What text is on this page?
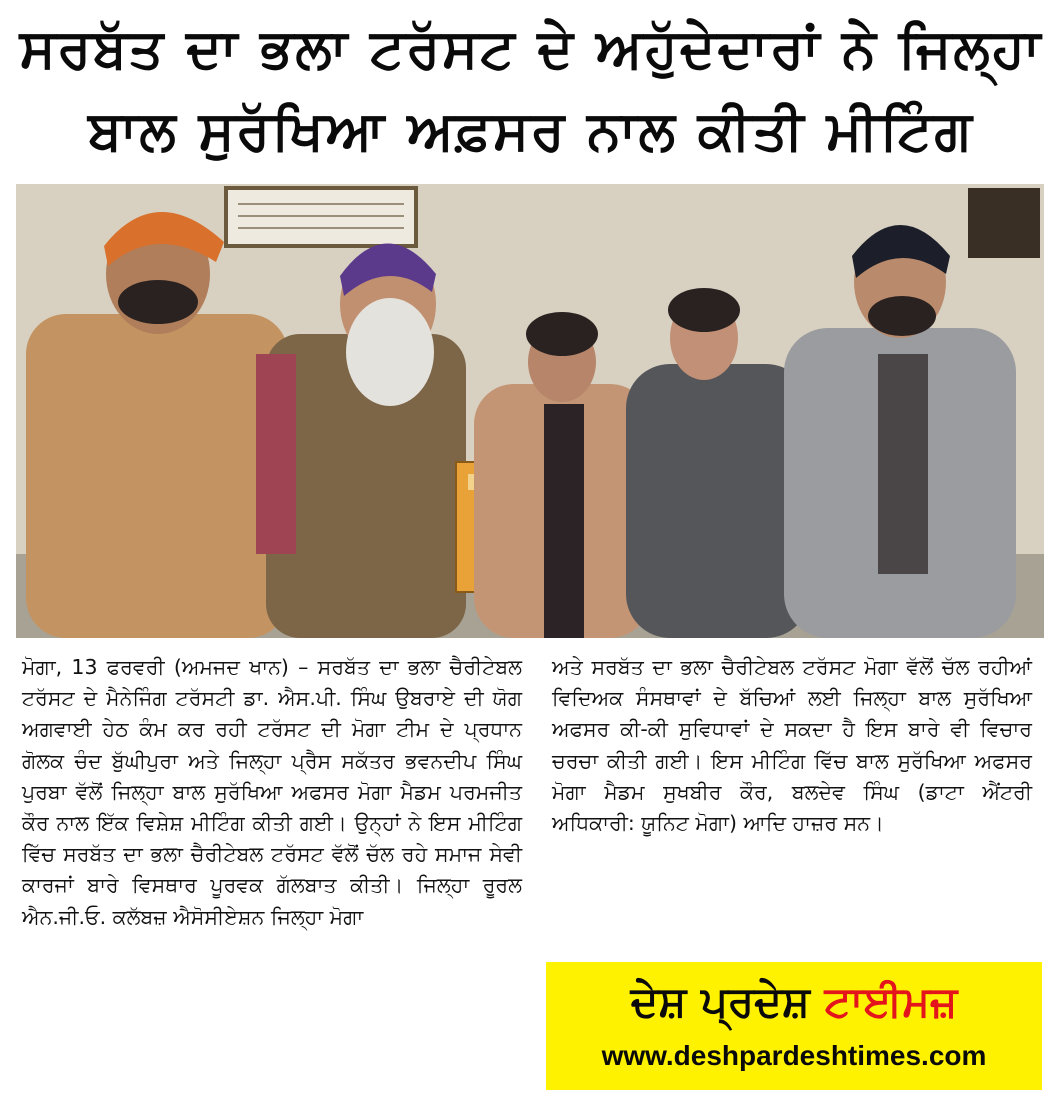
ਸਰਬੱਤ ਦਾ ਭਲਾ ਟਰੱਸਟ ਦੇ ਅਹੁੱਦੇਦਾਰਾਂ ਨੇ ਜਿਲ੍ਹਾ
ਬਾਲ ਸੁਰੱਖਿਆ ਅਫ਼ਸਰ ਨਾਲ ਕੀਤੀ ਮੀਟਿੰਗ

ਮੋਗਾ, 13 ਫਰਵਰੀ (ਅਮਜਦ ਖਾਨ) – ਸਰਬੱਤ ਦਾ ਭਲਾ ਚੈਰੀਟੇਬਲ ਟਰੱਸਟ ਦੇ ਮੈਨੇਜਿੰਗ ਟਰੱਸਟੀ ਡਾ. ਐਸ.ਪੀ. ਸਿੰਘ ਉਬਰਾਏ ਦੀ ਯੋਗ ਅਗਵਾਈ ਹੇਠ ਕੰਮ ਕਰ ਰਹੀ ਟਰੱਸਟ ਦੀ ਮੋਗਾ ਟੀਮ ਦੇ ਪ੍ਰਧਾਨ ਗੋਲਕ ਚੰਦ ਬੁੱਘੀਪੁਰਾ ਅਤੇ ਜਿਲ੍ਹਾ ਪ੍ਰੈਸ ਸਕੱਤਰ ਭਵਨਦੀਪ ਸਿੰਘ ਪੁਰਬਾ ਵੱਲੋਂ ਜਿਲ੍ਹਾ ਬਾਲ ਸੁਰੱਖਿਆ ਅਫਸਰ ਮੋਗਾ ਮੈਡਮ ਪਰਮਜੀਤ ਕੌਰ ਨਾਲ ਇੱਕ ਵਿਸ਼ੇਸ਼ ਮੀਟਿੰਗ ਕੀਤੀ ਗਈ। ਉਨ੍ਹਾਂ ਨੇ ਇਸ ਮੀਟਿੰਗ ਵਿੱਚ ਸਰਬੱਤ ਦਾ ਭਲਾ ਚੈਰੀਟੇਬਲ ਟਰੱਸਟ ਵੱਲੋਂ ਚੱਲ ਰਹੇ ਸਮਾਜ ਸੇਵੀ ਕਾਰਜਾਂ ਬਾਰੇ ਵਿਸਥਾਰ ਪੂਰਵਕ ਗੱਲਬਾਤ ਕੀਤੀ। ਜਿਲ੍ਹਾ ਰੂਰਲ ਐਨ.ਜੀ.ਓ. ਕਲੱਬਜ਼ ਐਸੋਸੀਏਸ਼ਨ ਜਿਲ੍ਹਾ ਮੋਗਾ

ਅਤੇ ਸਰਬੱਤ ਦਾ ਭਲਾ ਚੈਰੀਟੇਬਲ ਟਰੱਸਟ ਮੋਗਾ ਵੱਲੋਂ ਚੱਲ ਰਹੀਆਂ ਵਿਦਿਅਕ ਸੰਸਥਾਵਾਂ ਦੇ ਬੱਚਿਆਂ ਲਈ ਜਿਲ੍ਹਾ ਬਾਲ ਸੁਰੱਖਿਆ ਅਫਸਰ ਕੀ-ਕੀ ਸੁਵਿਧਾਵਾਂ ਦੇ ਸਕਦਾ ਹੈ ਇਸ ਬਾਰੇ ਵੀ ਵਿਚਾਰ ਚਰਚਾ ਕੀਤੀ ਗਈ। ਇਸ ਮੀਟਿੰਗ ਵਿੱਚ ਬਾਲ ਸੁਰੱਖਿਆ ਅਫਸਰ ਮੋਗਾ ਮੈਡਮ ਸੁਖਬੀਰ ਕੌਰ, ਬਲਦੇਵ ਸਿੰਘ (ਡਾਟਾ ਐਂਟਰੀ ਅਧਿਕਾਰੀ: ਯੂਨਿਟ ਮੋਗਾ) ਆਦਿ ਹਾਜ਼ਰ ਸਨ।

ਦੇਸ਼ ਪ੍ਰਦੇਸ਼ ਟਾਈਮਜ਼
www.deshpardeshtimes.com
